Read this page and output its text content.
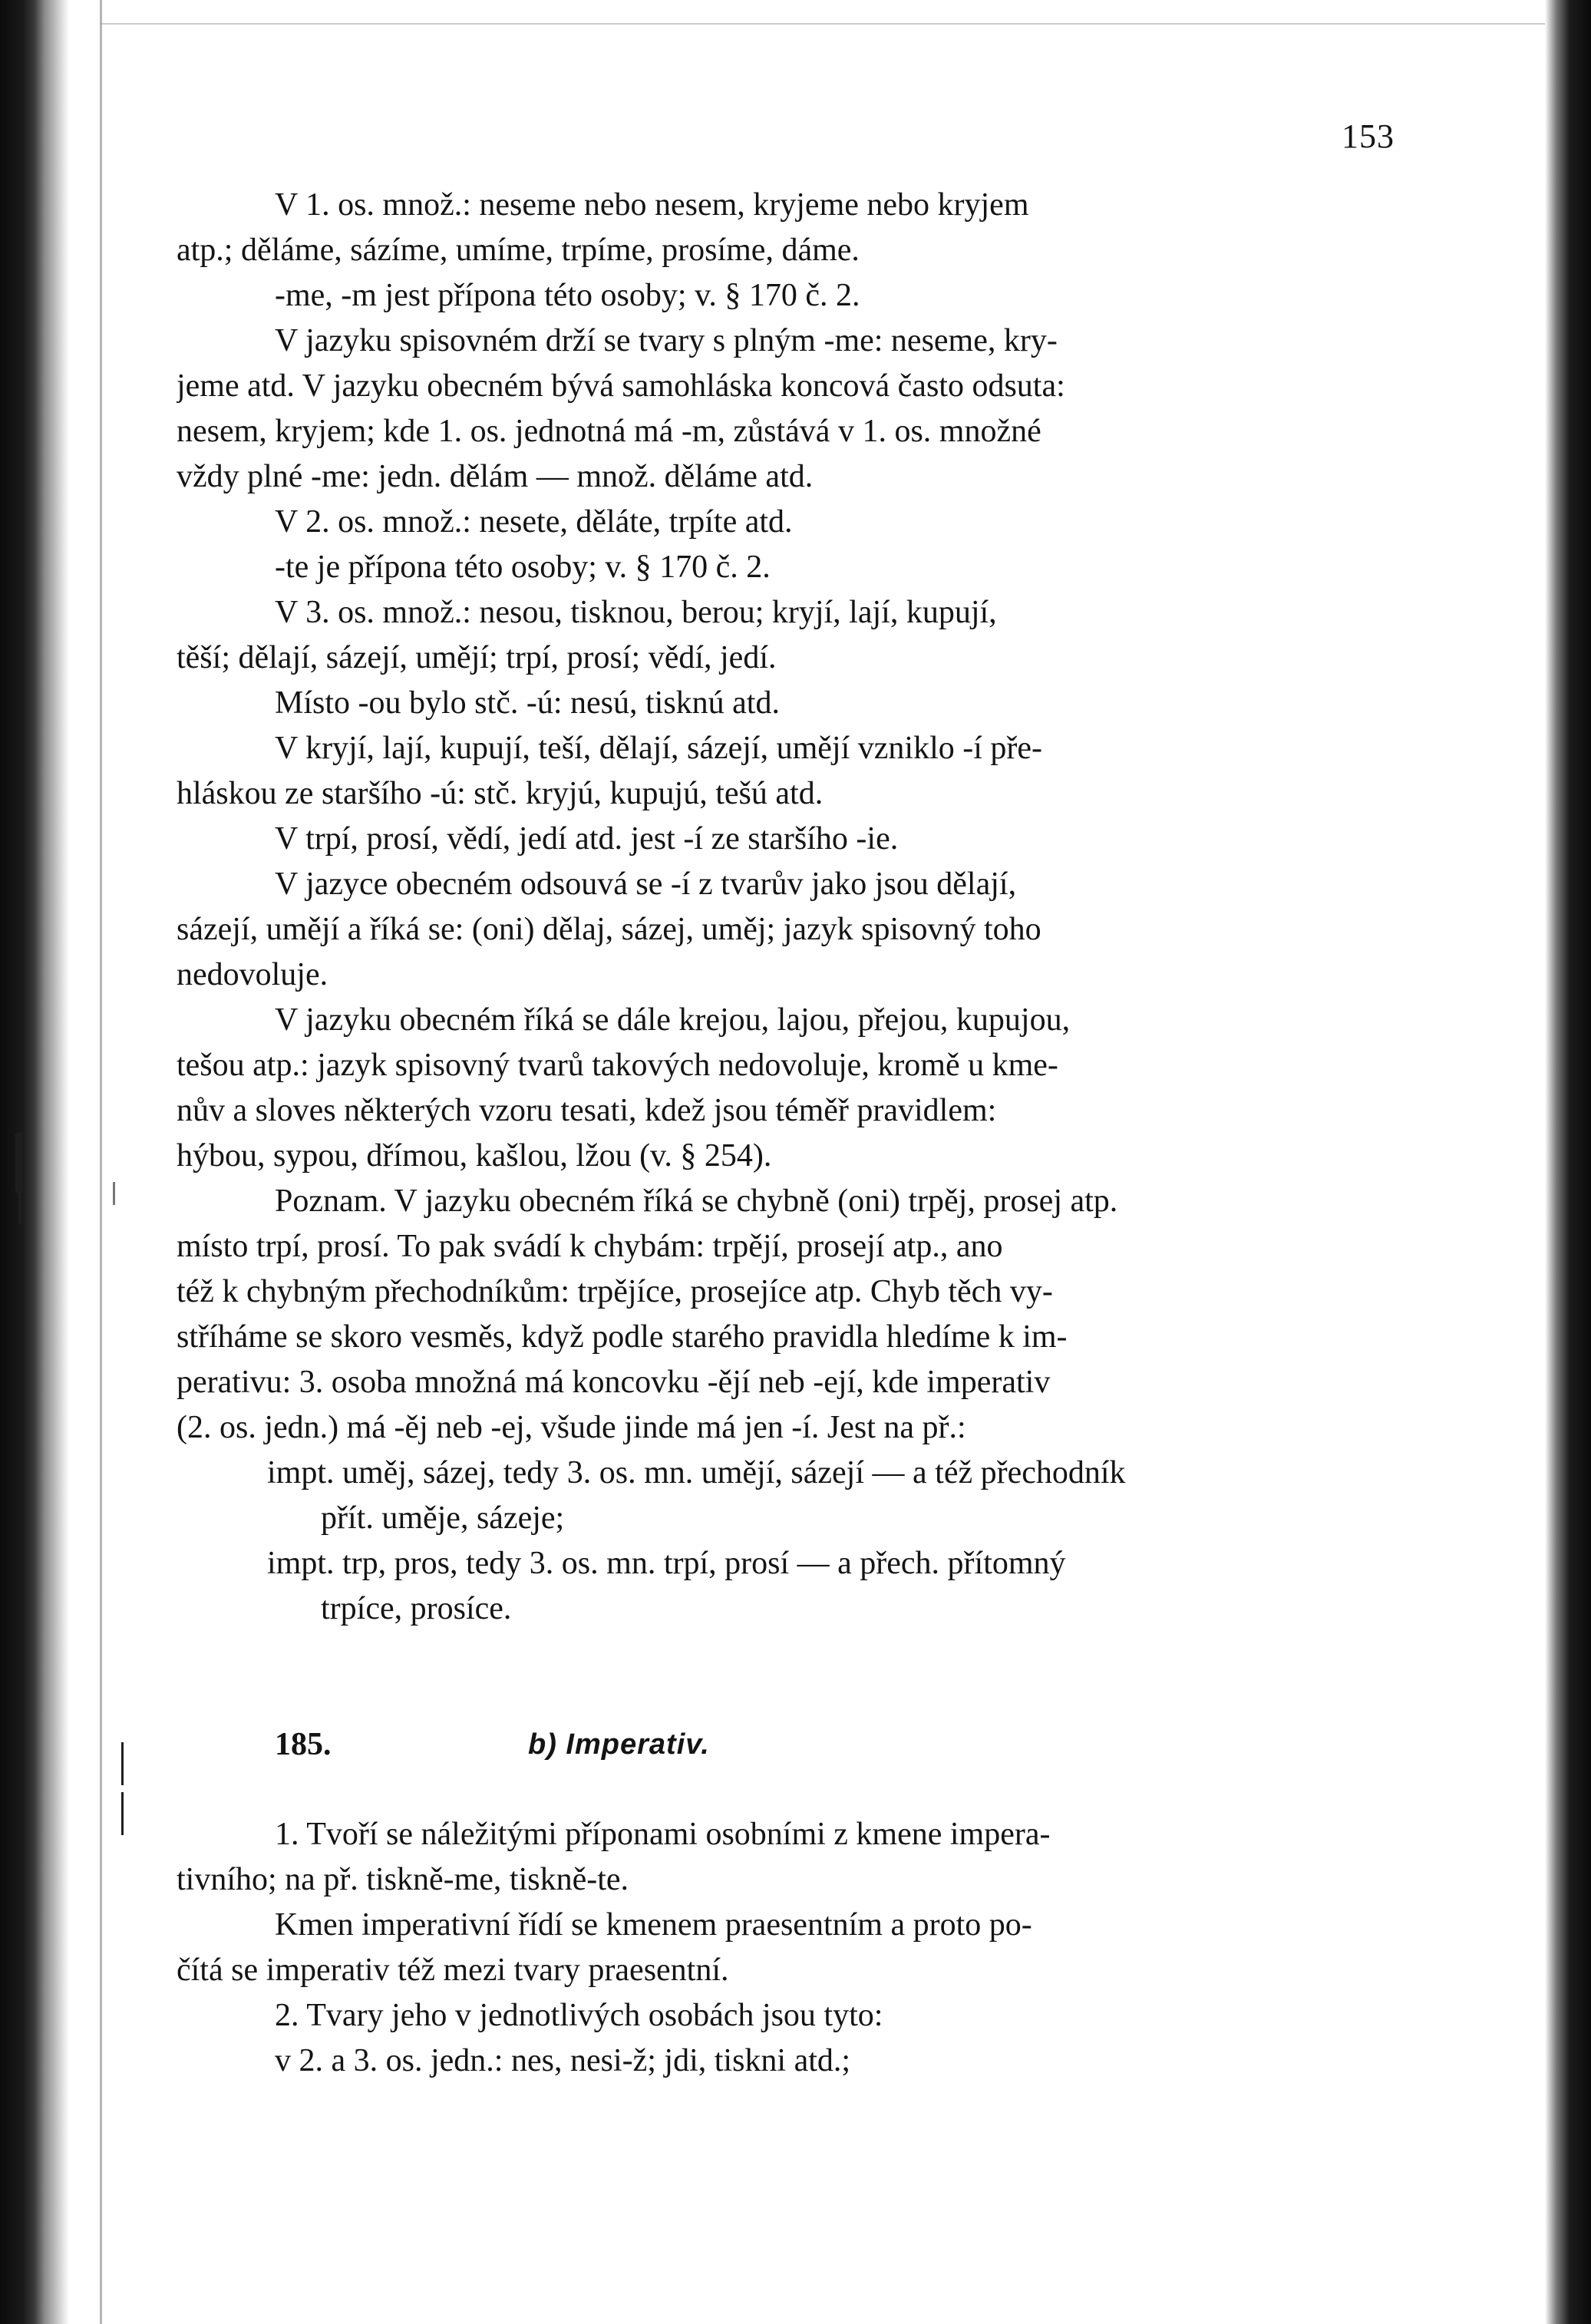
153
V 1. os. množ.: neseme nebo nesem, kryjeme nebo kryjem
atp.; děláme, sázíme, umíme, trpíme, prosíme, dáme.
-me, -m jest přípona této osoby; v. § 170 č. 2.
V jazyku spisovném drží se tvary s plným -me: neseme, kry-
jeme atd. V jazyku obecném bývá samohláska koncová často odsuta:
nesem, kryjem; kde 1. os. jednotná má -m, zůstává v 1. os. množné
vždy plné -me: jedn. dělám — množ. děláme atd.
V 2. os. množ.: nesete, děláte, trpíte atd.
-te je přípona této osoby; v. § 170 č. 2.
V 3. os. množ.: nesou, tisknou, berou; kryjí, lají, kupují,
těší; dělají, sázejí, umějí; trpí, prosí; vědí, jedí.
Místo -ou bylo stč. -ú: nesú, tisknú atd.
V kryjí, lají, kupují, teší, dělají, sázejí, umějí vzniklo -í pře-
hláskou ze staršího -ú: stč. kryjú, kupujú, tešú atd.
V trpí, prosí, vědí, jedí atd. jest -í ze staršího -ie.
V jazyce obecném odsouvá se -í z tvarův jako jsou dělají,
sázejí, umějí a říká se: (oni) dělaj, sázej, uměj; jazyk spisovný toho
nedovoluje.
V jazyku obecném říká se dále krejou, lajou, přejou, kupujou,
tešou atp.: jazyk spisovný tvarů takových nedovoluje, kromě u kme-
nův a sloves některých vzoru tesati, kdež jsou téměř pravidlem:
hýbou, sypou, dřímou, kašlou, lžou (v. § 254).
Poznam. V jazyku obecném říká se chybně (oni) trpěj, prosej atp.
místo trpí, prosí. To pak svádí k chybám: trpějí, prosejí atp., ano
též k chybným přechodníkům: trpějíce, prosejíce atp. Chyb těch vy-
stříháme se skoro vesměs, když podle starého pravidla hledíme k im-
perativu: 3. osoba množná má koncovku -ějí neb -ejí, kde imperativ
(2. os. jedn.) má -ěj neb -ej, všude jinde má jen -í. Jest na př.:
impt. uměj, sázej, tedy 3. os. mn. umějí, sázejí — a též přechodník
přít. uměje, sázeje;
impt. trp, pros, tedy 3. os. mn. trpí, prosí — a přech. přítomný
trpíce, prosíce.
185.	b) Imperativ.
1. Tvoří se náležitými příponami osobními z kmene impera-
tivního; na př. tiskně-me, tiskně-te.
Kmen imperativní řídí se kmenem praesentním a proto po-
čítá se imperativ též mezi tvary praesentní.
2. Tvary jeho v jednotlivých osobách jsou tyto:
v 2. a 3. os. jedn.: nes, nesi-ž; jdi, tiskni atd.;
